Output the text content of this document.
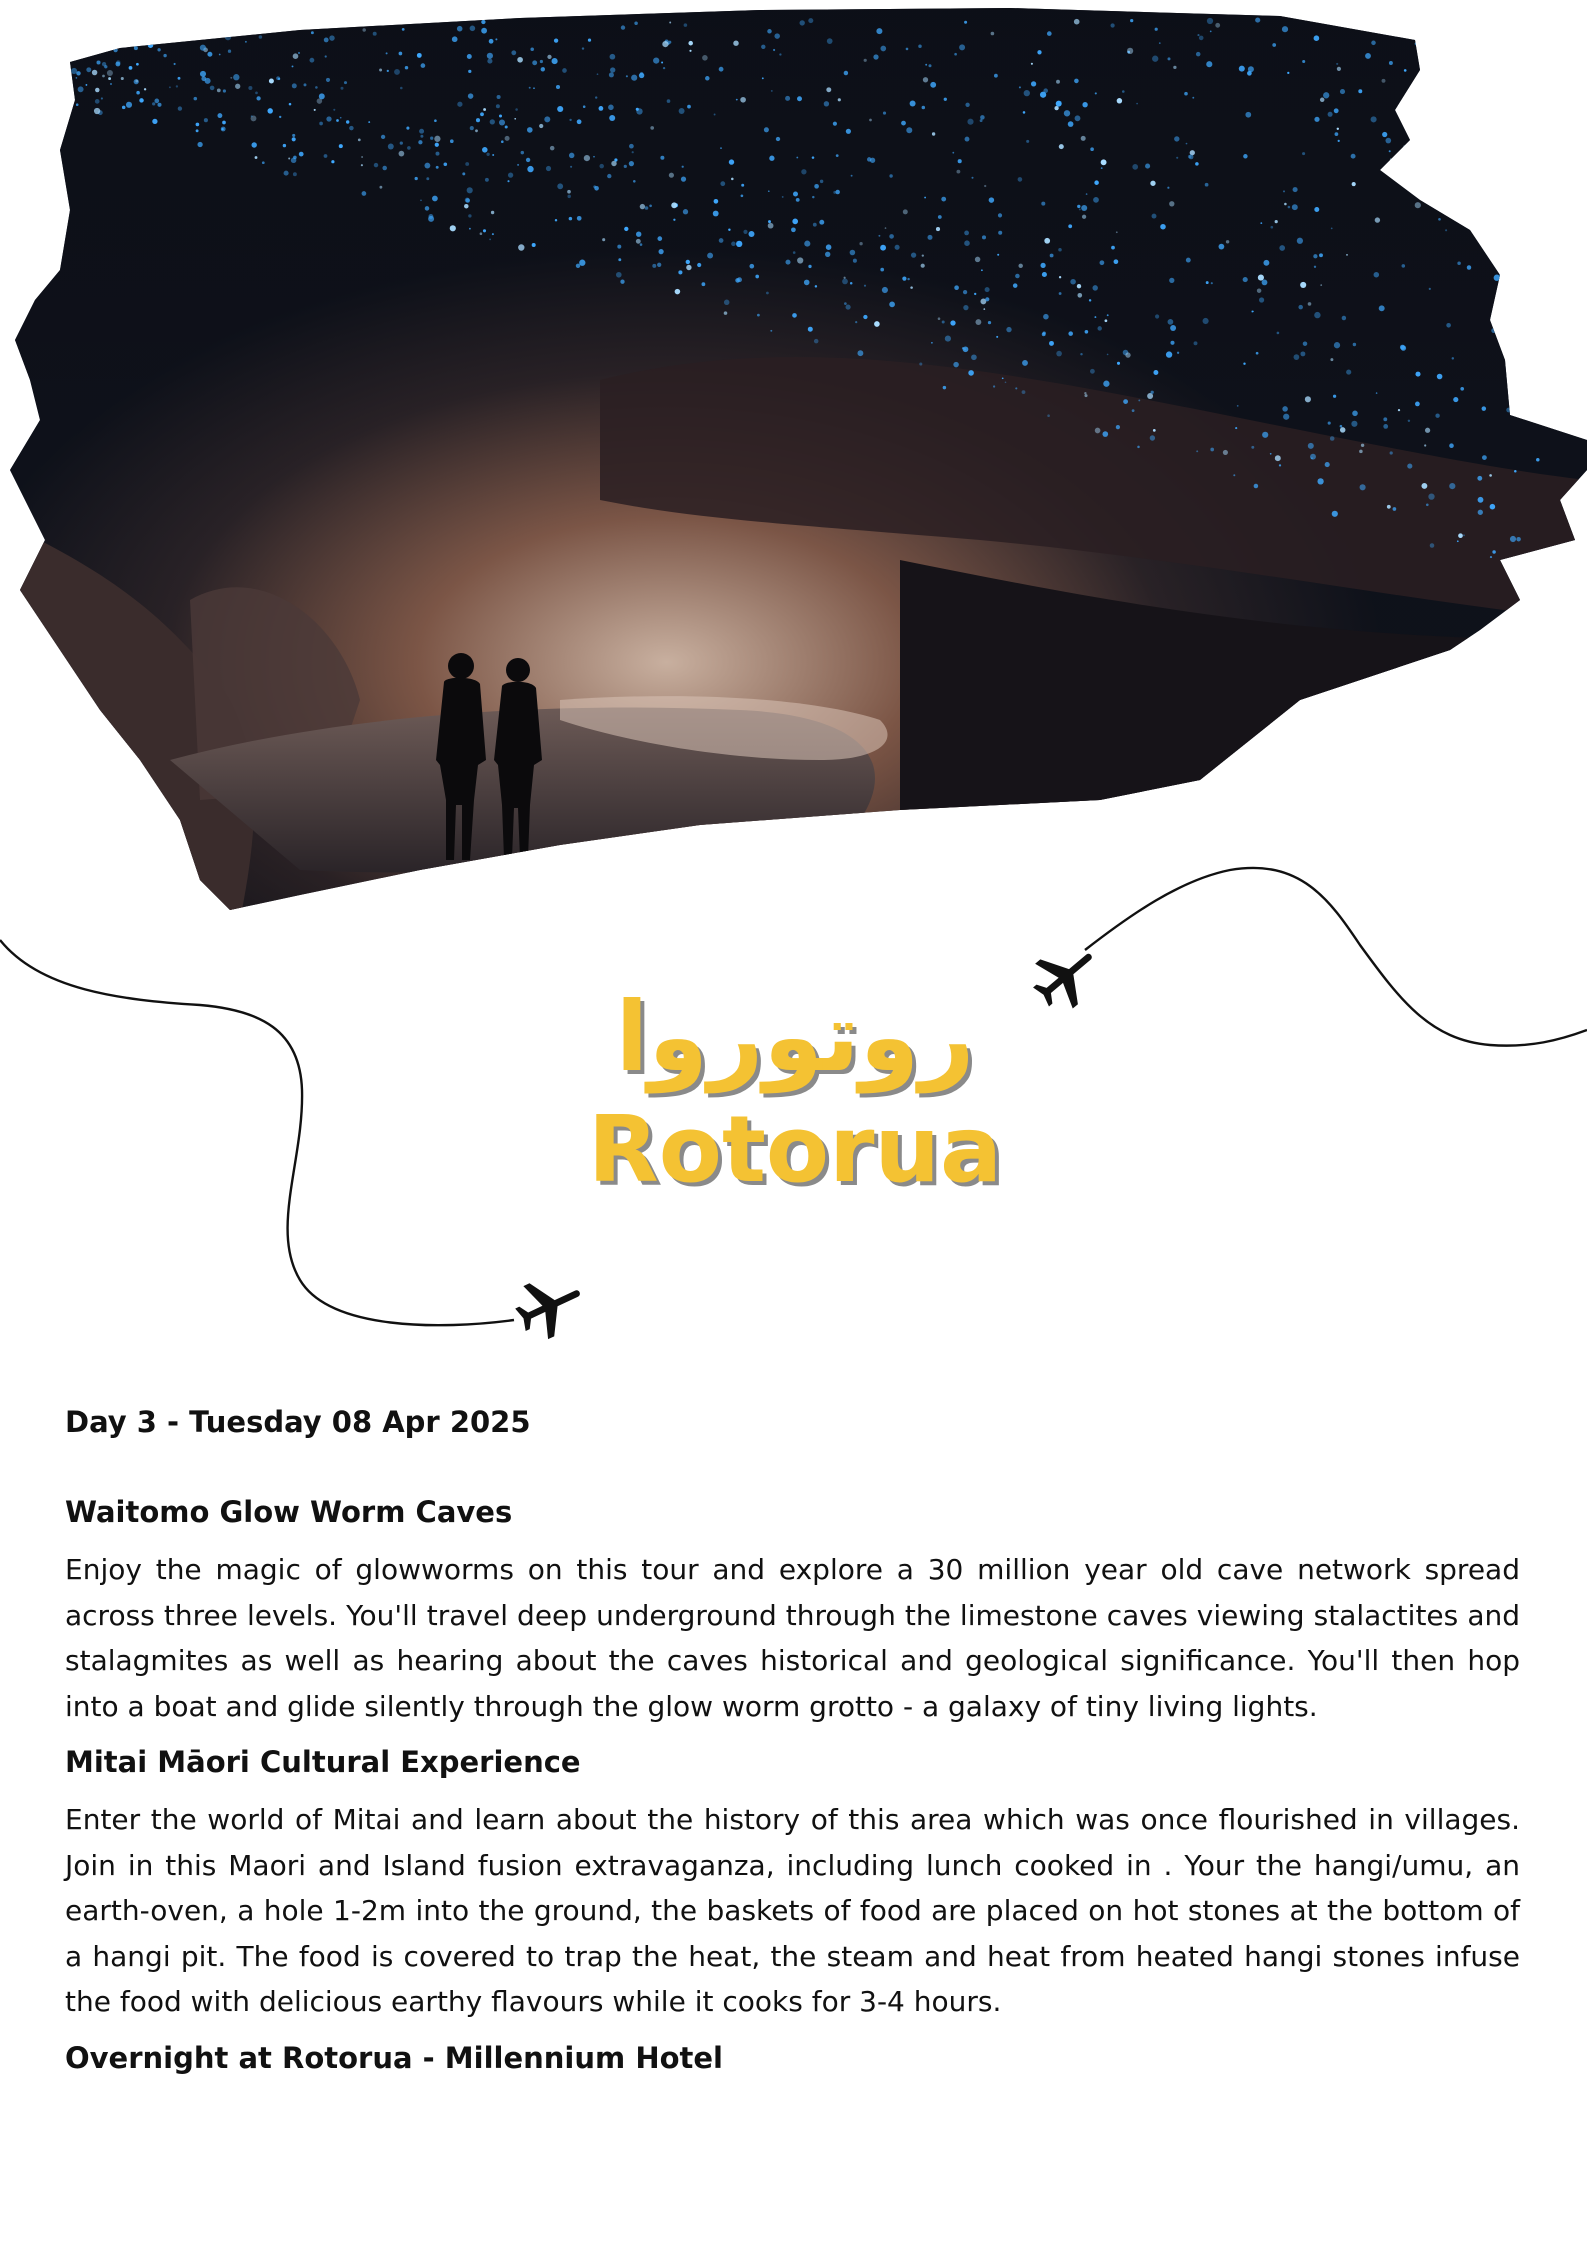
روتوروا
Rotorua

Day 3 - Tuesday 08 Apr 2025

Waitomo Glow Worm Caves

Enjoy the magic of glowworms on this tour and explore a 30 million year old cave network spread across three levels. You'll travel deep underground through the limestone caves viewing stalactites and stalagmites as well as hearing about the caves historical and geological significance. You'll then hop into a boat and glide silently through the glow worm grotto - a galaxy of tiny living lights.

Mitai Māori Cultural Experience

Enter the world of Mitai and learn about the history of this area which was once flourished in villages. Join in this Maori and Island fusion extravaganza, including lunch cooked in . Your the hangi/umu, an earth-oven, a hole 1-2m into the ground, the baskets of food are placed on hot stones at the bottom of a hangi pit. The food is covered to trap the heat, the steam and heat from heated hangi stones infuse the food with delicious earthy flavours while it cooks for 3-4 hours.

Overnight at Rotorua - Millennium Hotel
